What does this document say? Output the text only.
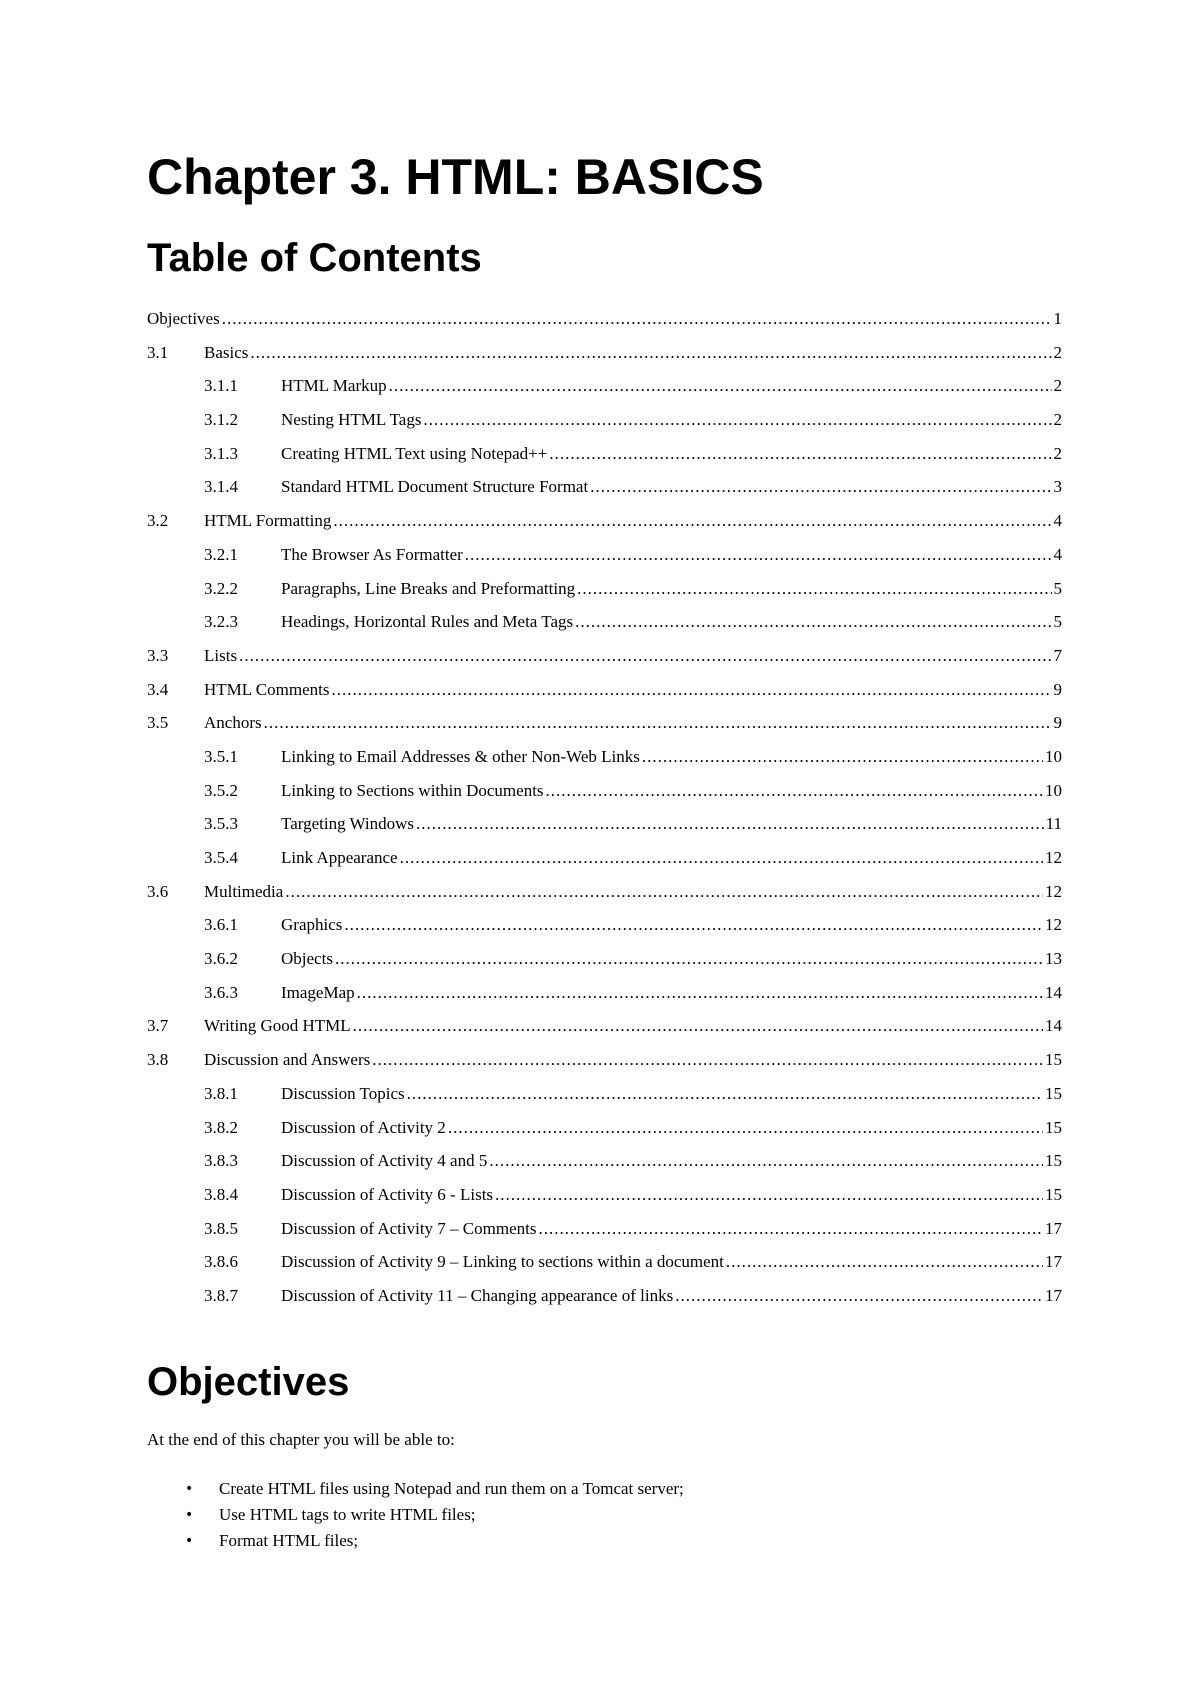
Chapter 3. HTML: BASICS
Table of Contents
Objectives .....	1
3.1	Basics .....	2
3.1.1	HTML Markup .....	2
3.1.2	Nesting HTML Tags .....	2
3.1.3	Creating HTML Text using Notepad++ .....	2
3.1.4	Standard HTML Document Structure Format .....	3
3.2	HTML Formatting .....	4
3.2.1	The Browser As Formatter .....	4
3.2.2	Paragraphs, Line Breaks and Preformatting .....	5
3.2.3	Headings, Horizontal Rules and Meta Tags .....	5
3.3	Lists .....	7
3.4	HTML Comments .....	9
3.5	Anchors .....	9
3.5.1	Linking to Email Addresses & other Non-Web Links .....	10
3.5.2	Linking to Sections within Documents .....	10
3.5.3	Targeting Windows .....	11
3.5.4	Link Appearance .....	12
3.6	Multimedia .....	12
3.6.1	Graphics .....	12
3.6.2	Objects .....	13
3.6.3	ImageMap .....	14
3.7	Writing Good HTML .....	14
3.8	Discussion and Answers .....	15
3.8.1	Discussion Topics .....	15
3.8.2	Discussion of Activity 2 .....	15
3.8.3	Discussion of Activity 4 and 5 .....	15
3.8.4	Discussion of Activity 6 - Lists .....	15
3.8.5	Discussion of Activity 7 – Comments .....	17
3.8.6	Discussion of Activity 9 – Linking to sections within a document .....	17
3.8.7	Discussion of Activity 11 – Changing appearance of links .....	17
Objectives

At the end of this chapter you will be able to:

• Create HTML files using Notepad and run them on a Tomcat server;
• Use HTML tags to write HTML files;
• Format HTML files;
